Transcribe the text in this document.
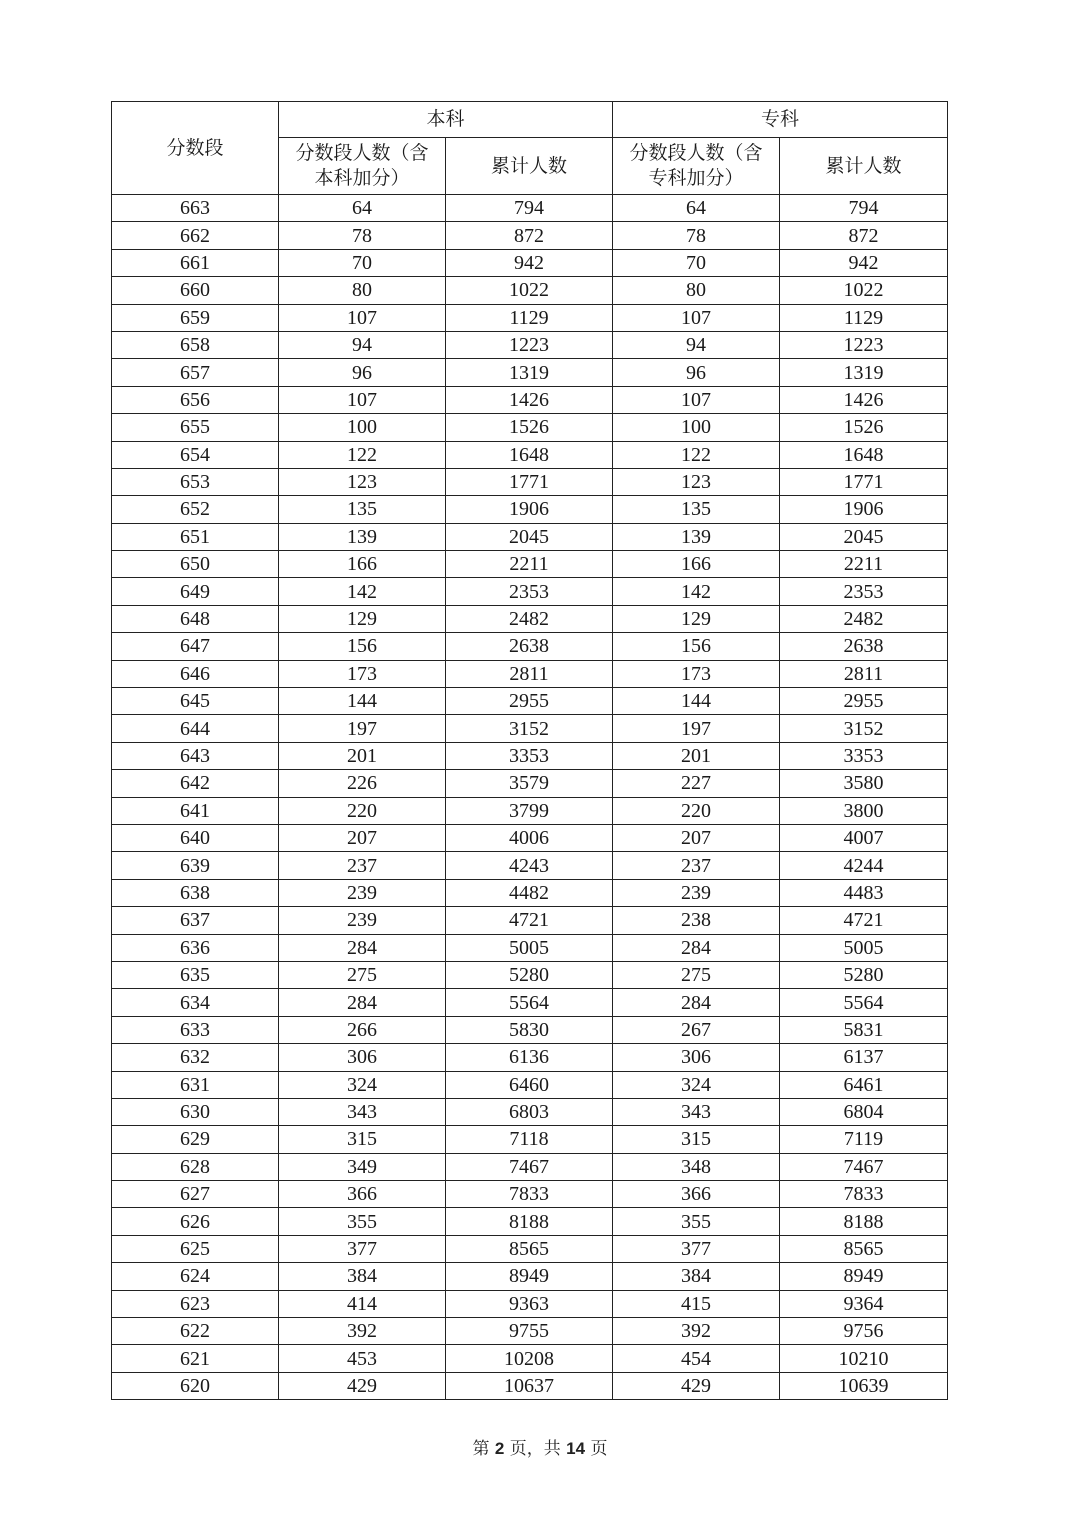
分数段	本科		专科	
	分数段人数（含本科加分）	累计人数	分数段人数（含专科加分）	累计人数
663	64	794	64	794
662	78	872	78	872
661	70	942	70	942
660	80	1022	80	1022
659	107	1129	107	1129
658	94	1223	94	1223
657	96	1319	96	1319
656	107	1426	107	1426
655	100	1526	100	1526
654	122	1648	122	1648
653	123	1771	123	1771
652	135	1906	135	1906
651	139	2045	139	2045
650	166	2211	166	2211
649	142	2353	142	2353
648	129	2482	129	2482
647	156	2638	156	2638
646	173	2811	173	2811
645	144	2955	144	2955
644	197	3152	197	3152
643	201	3353	201	3353
642	226	3579	227	3580
641	220	3799	220	3800
640	207	4006	207	4007
639	237	4243	237	4244
638	239	4482	239	4483
637	239	4721	238	4721
636	284	5005	284	5005
635	275	5280	275	5280
634	284	5564	284	5564
633	266	5830	267	5831
632	306	6136	306	6137
631	324	6460	324	6461
630	343	6803	343	6804
629	315	7118	315	7119
628	349	7467	348	7467
627	366	7833	366	7833
626	355	8188	355	8188
625	377	8565	377	8565
624	384	8949	384	8949
623	414	9363	415	9364
622	392	9755	392	9756
621	453	10208	454	10210
620	429	10637	429	10639
第 2 页，共 14 页
